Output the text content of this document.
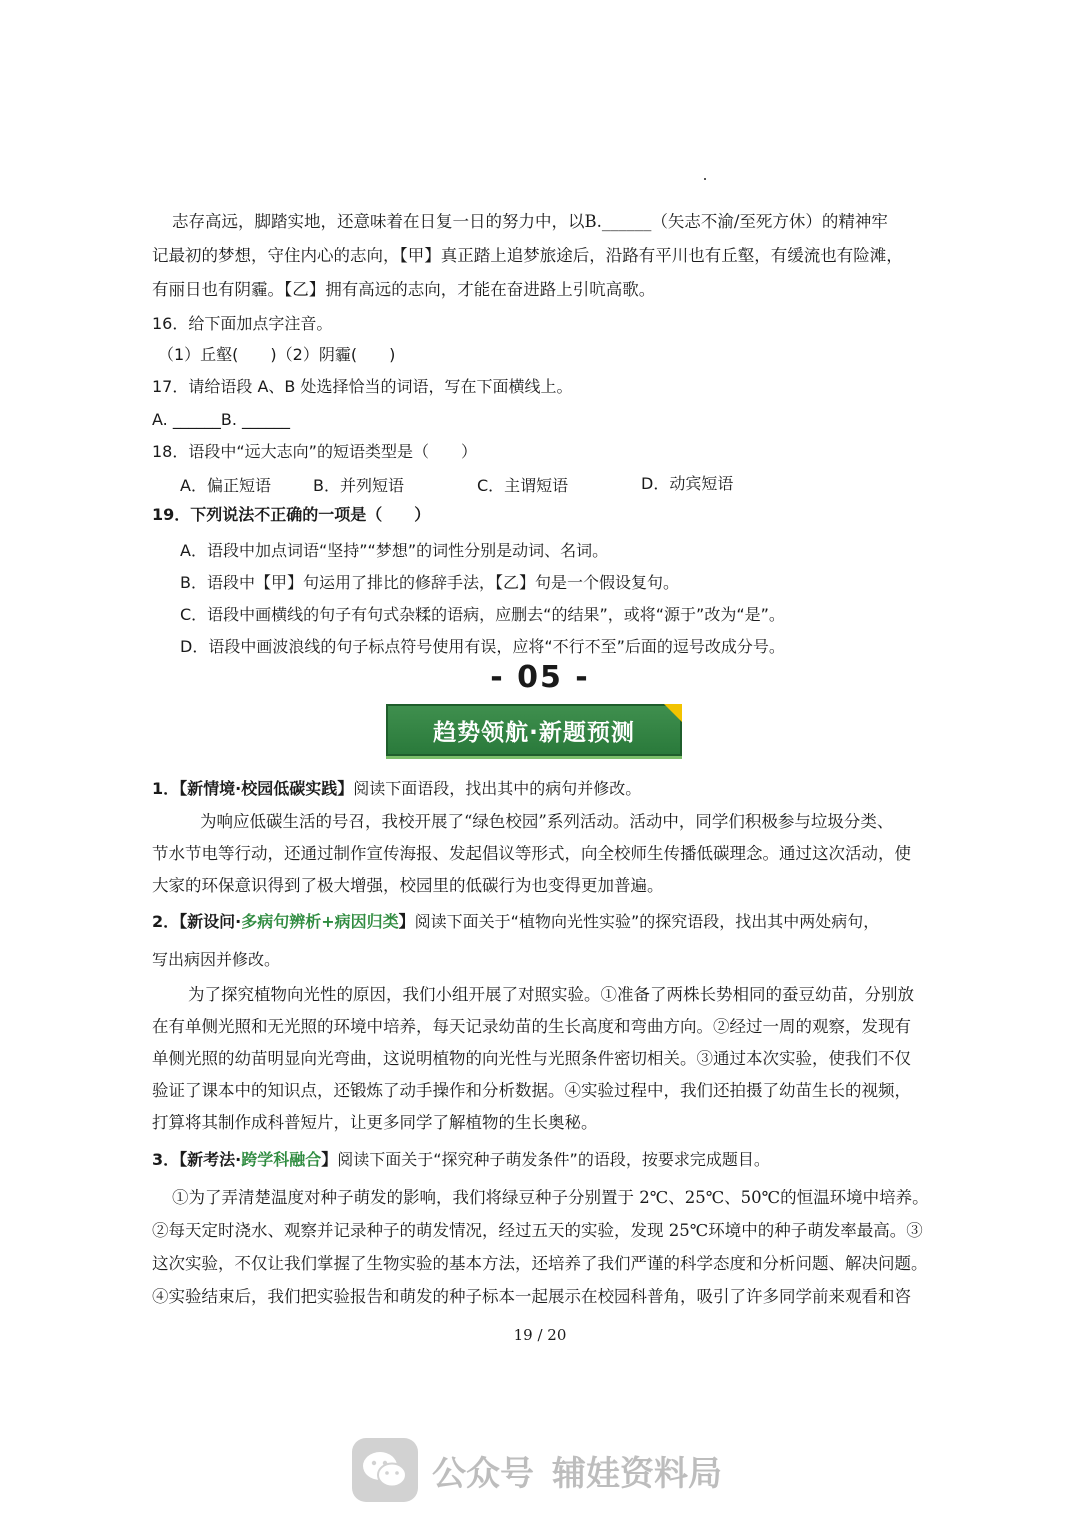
志存高远，脚踏实地，还意味着在日复一日的努力中，以B.______（矢志不渝/至死方休）的精神牢
记最初的梦想，守住内心的志向，【甲】真正踏上追梦旅途后，沿路有平川也有丘壑，有缓流也有险滩，
有丽日也有阴霾。【乙】拥有高远的志向，才能在奋进路上引吭高歌。
16．给下面加点字注音。
（1）丘壑(　　)（2）阴霾(　　)
17．请给语段 A、B 处选择恰当的词语，写在下面横线上。
A. ______B. ______
18．语段中“远大志向”的短语类型是（　　）
A．偏正短语	B．并列短语	C．主谓短语	D．动宾短语
19．下列说法不正确的一项是（　　）
A．语段中加点词语“坚持”“梦想”的词性分别是动词、名词。
B．语段中【甲】句运用了排比的修辞手法，【乙】句是一个假设复句。
C．语段中画横线的句子有句式杂糅的语病，应删去“的结果”，或将“源于”改为“是”。
D．语段中画波浪线的句子标点符号使用有误，应将“不行不至”后面的逗号改成分号。
- 05 -
趋势领航·新题预测
1．【新情境·校园低碳实践】阅读下面语段，找出其中的病句并修改。
为响应低碳生活的号召，我校开展了“绿色校园”系列活动。活动中，同学们积极参与垃圾分类、
节水节电等行动，还通过制作宣传海报、发起倡议等形式，向全校师生传播低碳理念。通过这次活动，使
大家的环保意识得到了极大增强，校园里的低碳行为也变得更加普遍。
2．【新设问·多病句辨析+病因归类】阅读下面关于“植物向光性实验”的探究语段，找出其中两处病句，
写出病因并修改。
为了探究植物向光性的原因，我们小组开展了对照实验。①准备了两株长势相同的蚕豆幼苗，分别放
在有单侧光照和无光照的环境中培养，每天记录幼苗的生长高度和弯曲方向。②经过一周的观察，发现有
单侧光照的幼苗明显向光弯曲，这说明植物的向光性与光照条件密切相关。③通过本次实验，使我们不仅
验证了课本中的知识点，还锻炼了动手操作和分析数据。④实验过程中，我们还拍摄了幼苗生长的视频，
打算将其制作成科普短片，让更多同学了解植物的生长奥秘。
3．【新考法·跨学科融合】阅读下面关于“探究种子萌发条件”的语段，按要求完成题目。
①为了弄清楚温度对种子萌发的影响，我们将绿豆种子分别置于 2℃、25℃、50℃的恒温环境中培养。
②每天定时浇水、观察并记录种子的萌发情况，经过五天的实验，发现 25℃环境中的种子萌发率最高。③
这次实验，不仅让我们掌握了生物实验的基本方法，还培养了我们严谨的科学态度和分析问题、解决问题。
④实验结束后，我们把实验报告和萌发的种子标本一起展示在校园科普角，吸引了许多同学前来观看和咨
19 / 20
公众号 辅娃资料局
